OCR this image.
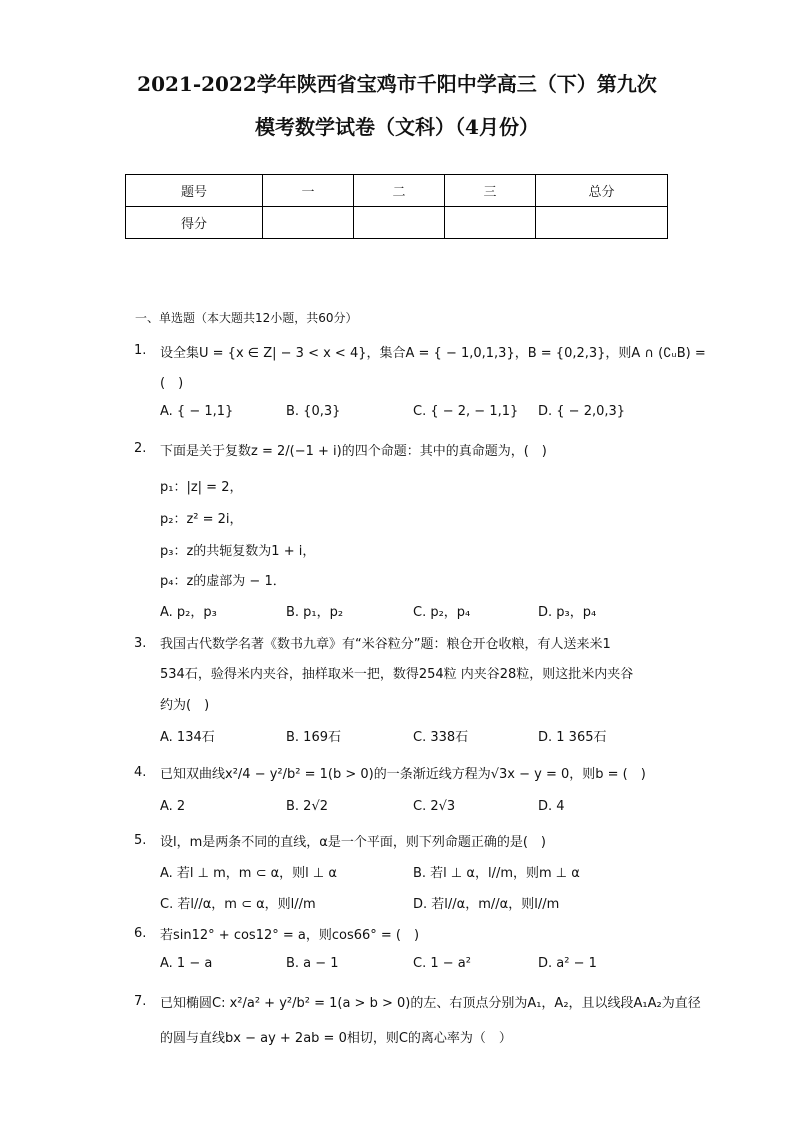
2021-2022学年陕西省宝鸡市千阳中学高三（下）第九次
模考数学试卷（文科）（4月份）
题号	一	二	三	总分
得分				
一、单选题（本大题共12小题，共60分）
1. 设全集U = {x ∈ Z| − 3 < x < 4}，集合A = { − 1,0,1,3}，B = {0,2,3}，则A ∩ (∁ᵤB) =
(　)
A. { − 1,1}	B. {0,3}	C. { − 2, − 1,1} D. { − 2,0,3}
2. 下面是关于复数z = 2/(−1 + i)的四个命题：其中的真命题为，(　)
p₁：|z| = 2，
p₂：z² = 2i，
p₃：z的共轭复数为1 + i，
p₄：z的虚部为 − 1．
A. p₂，p₃	B. p₁，p₂	C. p₂，p₄	D. p₃，p₄
3. 我国古代数学名著《数书九章》有“米谷粒分”题：粮仓开仓收粮，有人送来米1
534石，验得米内夹谷，抽样取米一把，数得254粒 内夹谷28粒，则这批米内夹谷
约为(　)
A. 134石	B. 169石	C. 338石	D. 1 365石
4. 已知双曲线x²/4 − y²/b² = 1(b > 0)的一条渐近线方程为√3x − y = 0，则b = (　)
A. 2	B. 2√2	C. 2√3	D. 4
5. 设l，m是两条不同的直线，α是一个平面，则下列命题正确的是(　)
A. 若l ⊥ m，m ⊂ α，则l ⊥ α	B. 若l ⊥ α，l//m，则m ⊥ α
C. 若l//α，m ⊂ α，则l//m	D. 若l//α，m//α，则l//m
6. 若sin12° + cos12° = a，则cos66° = (　)
A. 1 − a	B. a − 1	C. 1 − a²	D. a² − 1
7. 已知椭圆C: x²/a² + y²/b² = 1(a > b > 0)的左、右顶点分别为A₁，A₂，且以线段A₁A₂为直径
的圆与直线bx − ay + 2ab = 0相切，则C的离心率为（　）
